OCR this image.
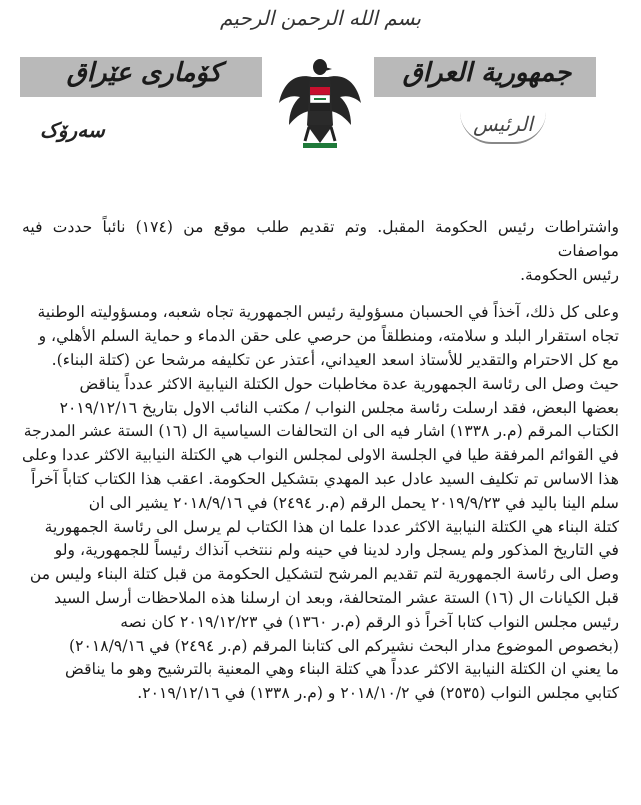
بسم الله الرحمن الرحيم
كۆماری عێراق	جمهورية العراق
سەرۆک	الرئيس

واشتراطات رئيس الحكومة المقبل. وتم تقديم طلب موقع من (١٧٤) نائباً حددت فيه مواصفات

رئيس الحكومة.

وعلى كل ذلك، آخذاً في الحسبان مسؤولية رئيس الجمهورية تجاه شعبه، ومسؤوليته الوطنية

تجاه استقرار البلد و سلامته، ومنطلقاً من حرصي على حقن الدماء و حماية السلم الأهلي، و

مع كل الاحترام والتقدير للأستاذ اسعد العيداني، أعتذر عن تكليفه مرشحا عن (كتلة البناء).

حيث وصل الى رئاسة الجمهورية عدة مخاطبات حول الكتلة النيابية الاكثر عدداً يناقض

بعضها البعض، فقد ارسلت رئاسة مجلس النواب / مكتب النائب الاول بتاريخ ٢٠١٩/١٢/١٦

الكتاب المرقم (م.ر ١٣٣٨) اشار فيه الى ان التحالفات السياسية ال (١٦) الستة عشر المدرجة

في القوائم المرفقة طيا في الجلسة الاولى لمجلس النواب هي الكتلة النيابية الاكثر عددا وعلى

هذا الاساس تم تكليف السيد عادل عبد المهدي بتشكيل الحكومة. اعقب هذا الكتاب كتاباً آخراً

سلم الينا باليد في ٢٠١٩/٩/٢٣ يحمل الرقم (م.ر ٢٤٩٤) في ٢٠١٨/٩/١٦ يشير الى ان

كتلة البناء هي الكتلة النيابية الاكثر عددا علما ان هذا الكتاب لم يرسل الى رئاسة الجمهورية

في التاريخ المذكور ولم يسجل وارد لدينا في حينه ولم ننتخب آنذاك رئيساً للجمهورية، ولو

وصل الى رئاسة الجمهورية لتم تقديم المرشح لتشكيل الحكومة من قبل كتلة البناء وليس من

قبل الكيانات ال (١٦) الستة عشر المتحالفة، وبعد ان ارسلنا هذه الملاحظات أرسل السيد

رئيس مجلس النواب كتابا آخراً ذو الرقم (م.ر ١٣٦٠) في ٢٠١٩/١٢/٢٣ كان نصه

(بخصوص الموضوع مدار البحث نشيركم الى كتابنا المرقم (م.ر ٢٤٩٤) في ٢٠١٨/٩/١٦)

ما يعني ان الكتلة النيابية الاكثر عدداً هي كتلة البناء وهي المعنية بالترشيح وهو ما يناقض

كتابي مجلس النواب (٢٥٣٥) في ٢٠١٨/١٠/٢ و (م.ر ١٣٣٨) في ٢٠١٩/١٢/١٦.
